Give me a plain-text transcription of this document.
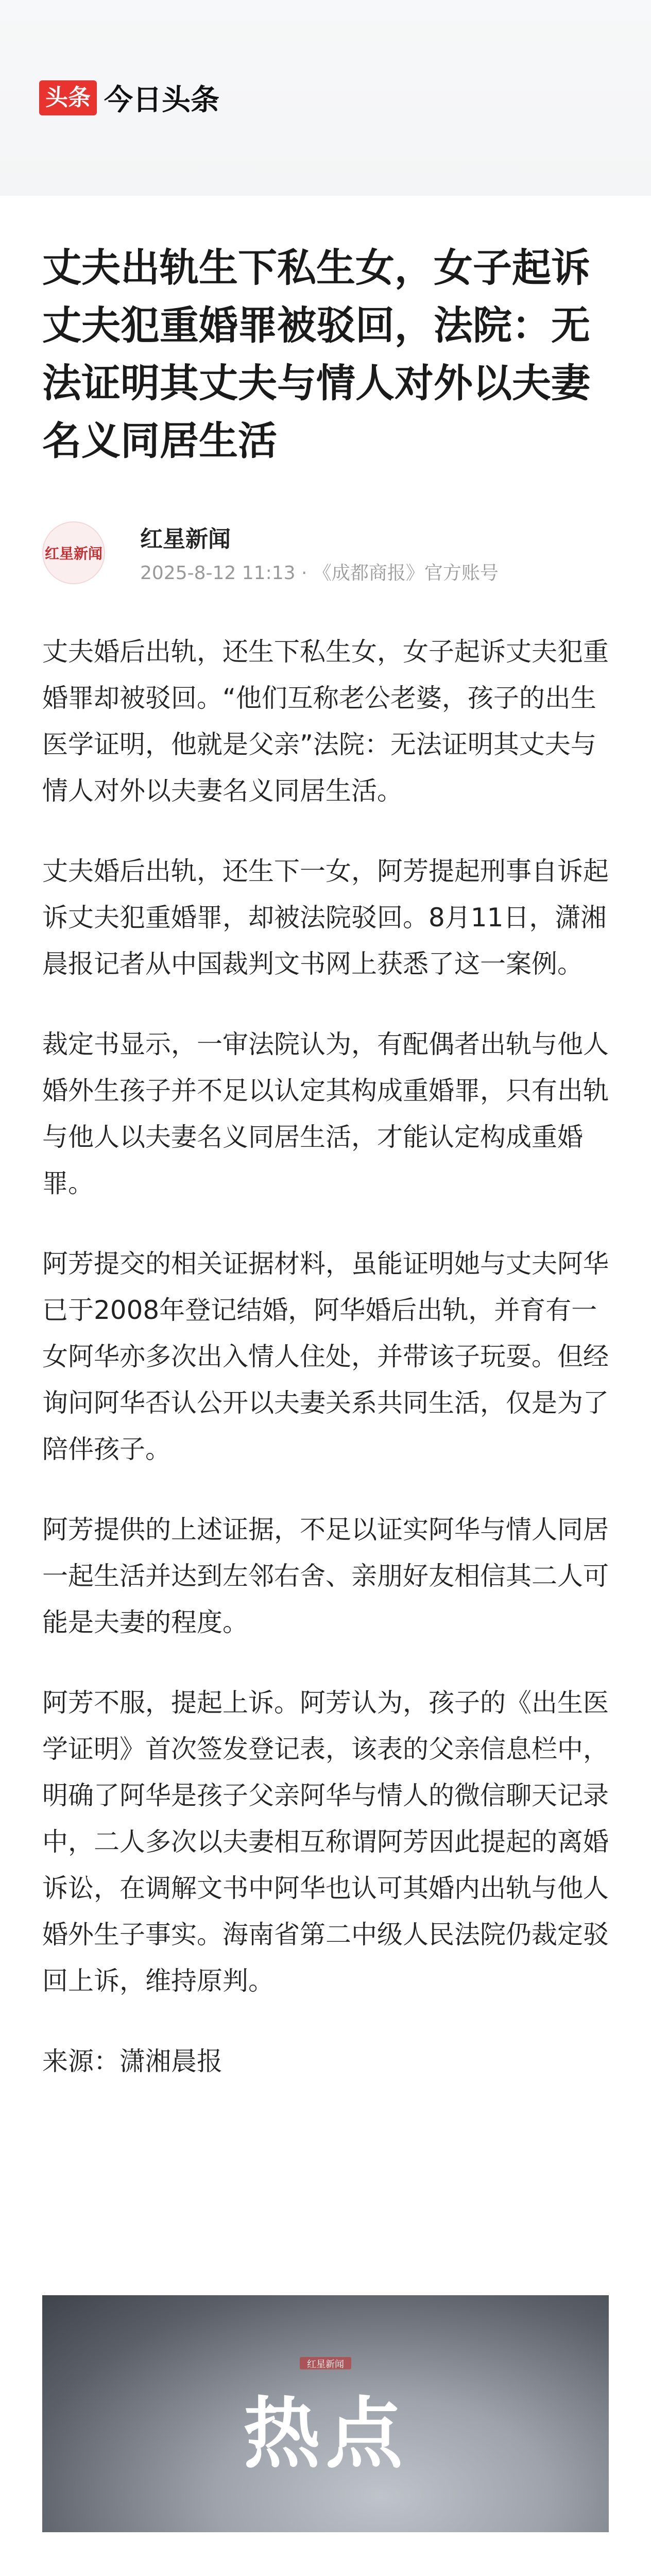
头条 今日头条
丈夫出轨生下私生女，女子起诉丈夫犯重婚罪被驳回，法院：无法证明其丈夫与情人对外以夫妻名义同居生活
红星新闻
红星新闻
2025-8-12 11:13 · 《成都商报》官方账号

丈夫婚后出轨，还生下私生女，女子起诉丈夫犯重婚罪却被驳回。“他们互称老公老婆，孩子的出生医学证明，他就是父亲”法院：无法证明其丈夫与情人对外以夫妻名义同居生活。

丈夫婚后出轨，还生下一女，阿芳提起刑事自诉起诉丈夫犯重婚罪，却被法院驳回。8月11日，潇湘晨报记者从中国裁判文书网上获悉了这一案例。

裁定书显示，一审法院认为，有配偶者出轨与他人婚外生孩子并不足以认定其构成重婚罪，只有出轨与他人以夫妻名义同居生活，才能认定构成重婚罪。

阿芳提交的相关证据材料，虽能证明她与丈夫阿华已于2008年登记结婚，阿华婚后出轨，并育有一女阿华亦多次出入情人住处，并带该子玩耍。但经询问阿华否认公开以夫妻关系共同生活，仅是为了陪伴孩子。

阿芳提供的上述证据，不足以证实阿华与情人同居一起生活并达到左邻右舍、亲朋好友相信其二人可能是夫妻的程度。

阿芳不服，提起上诉。阿芳认为，孩子的《出生医学证明》首次签发登记表，该表的父亲信息栏中，明确了阿华是孩子父亲阿华与情人的微信聊天记录中，二人多次以夫妻相互称谓阿芳因此提起的离婚诉讼，在调解文书中阿华也认可其婚内出轨与他人婚外生子事实。海南省第二中级人民法院仍裁定驳回上诉，维持原判。

来源：潇湘晨报

红星新闻
热点
